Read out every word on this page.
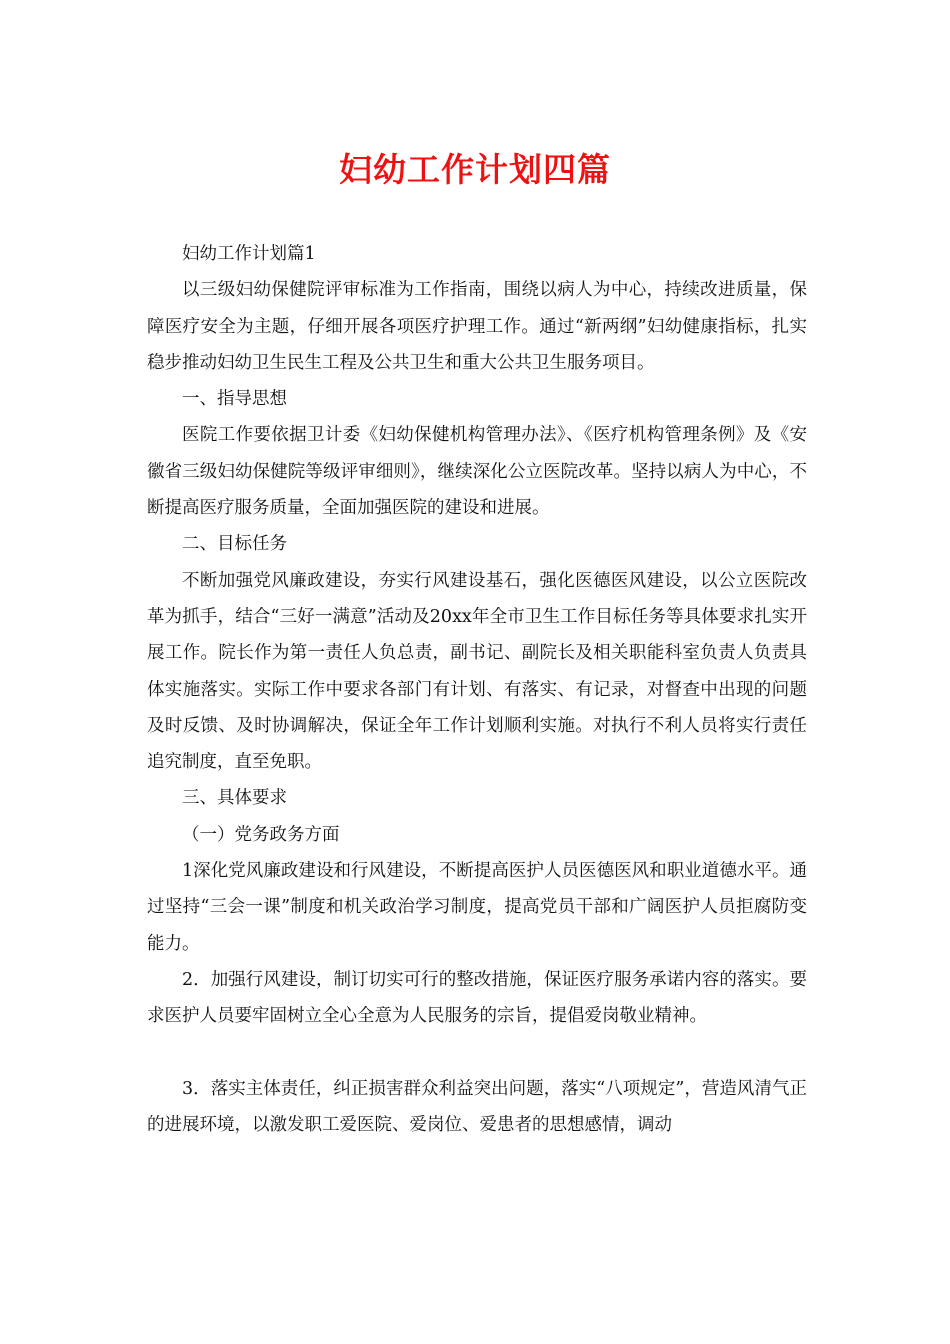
妇幼工作计划四篇

妇幼工作计划篇1

以三级妇幼保健院评审标准为工作指南，围绕以病人为中心，持续改进质量，保障医疗安全为主题，仔细开展各项医疗护理工作。通过“新两纲”妇幼健康指标，扎实稳步推动妇幼卫生民生工程及公共卫生和重大公共卫生服务项目。

一、指导思想

医院工作要依据卫计委《妇幼保健机构管理办法》、《医疗机构管理条例》及《安徽省三级妇幼保健院等级评审细则》，继续深化公立医院改革。坚持以病人为中心，不断提高医疗服务质量，全面加强医院的建设和进展。

二、目标任务

不断加强党风廉政建设，夯实行风建设基石，强化医德医风建设，以公立医院改革为抓手，结合“三好一满意”活动及20xx年全市卫生工作目标任务等具体要求扎实开展工作。院长作为第一责任人负总责，副书记、副院长及相关职能科室负责人负责具体实施落实。实际工作中要求各部门有计划、有落实、有记录，对督查中出现的问题及时反馈、及时协调解决，保证全年工作计划顺利实施。对执行不利人员将实行责任追究制度，直至免职。

三、具体要求

（一）党务政务方面

1深化党风廉政建设和行风建设，不断提高医护人员医德医风和职业道德水平。通过坚持“三会一课”制度和机关政治学习制度，提高党员干部和广阔医护人员拒腐防变能力。

2．加强行风建设，制订切实可行的整改措施，保证医疗服务承诺内容的落实。要求医护人员要牢固树立全心全意为人民服务的宗旨，提倡爱岗敬业精神。

3．落实主体责任，纠正损害群众利益突出问题，落实“八项规定”，营造风清气正的进展环境，以激发职工爱医院、爱岗位、爱患者的思想感情，调动
